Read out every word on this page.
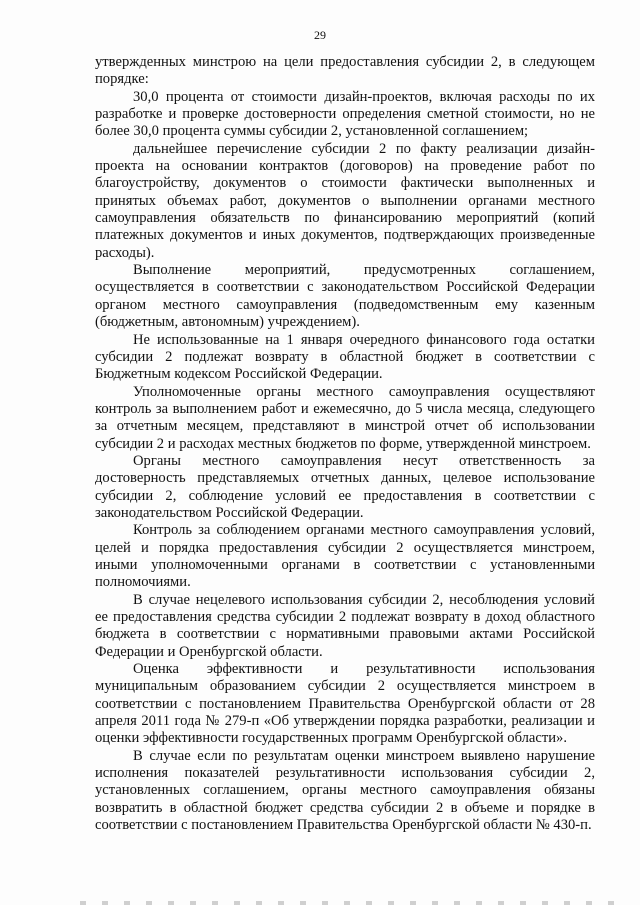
29

утвержденных минстрою на цели предоставления субсидии 2, в следующем порядке:

30,0 процента от стоимости дизайн-проектов, включая расходы по их разработке и проверке достоверности определения сметной стоимости, но не более 30,0 процента суммы субсидии 2, установленной соглашением;

дальнейшее перечисление субсидии 2 по факту реализации дизайн-проекта на основании контрактов (договоров) на проведение работ по благоустройству, документов о стоимости фактически выполненных и принятых объемах работ, документов о выполнении органами местного самоуправления обязательств по финансированию мероприятий (копий платежных документов и иных документов, подтверждающих произведенные расходы).

Выполнение мероприятий, предусмотренных соглашением, осуществляется в соответствии с законодательством Российской Федерации органом местного самоуправления (подведомственным ему казенным (бюджетным, автономным) учреждением).

Не использованные на 1 января очередного финансового года остатки субсидии 2 подлежат возврату в областной бюджет в соответствии с Бюджетным кодексом Российской Федерации.

Уполномоченные органы местного самоуправления осуществляют контроль за выполнением работ и ежемесячно, до 5 числа месяца, следующего за отчетным месяцем, представляют в минстрой отчет об использовании субсидии 2 и расходах местных бюджетов по форме, утвержденной минстроем.

Органы местного самоуправления несут ответственность за достоверность представляемых отчетных данных, целевое использование субсидии 2, соблюдение условий ее предоставления в соответствии с законодательством Российской Федерации.

Контроль за соблюдением органами местного самоуправления условий, целей и порядка предоставления субсидии 2 осуществляется минстроем, иными уполномоченными органами в соответствии с установленными полномочиями.

В случае нецелевого использования субсидии 2, несоблюдения условий ее предоставления средства субсидии 2 подлежат возврату в доход областного бюджета в соответствии с нормативными правовыми актами Российской Федерации и Оренбургской области.

Оценка эффективности и результативности использования муниципальным образованием субсидии 2 осуществляется минстроем в соответствии с постановлением Правительства Оренбургской области от 28 апреля 2011 года № 279-п «Об утверждении порядка разработки, реализации и оценки эффективности государственных программ Оренбургской области».

В случае если по результатам оценки минстроем выявлено нарушение исполнения показателей результативности использования субсидии 2, установленных соглашением, органы местного самоуправления обязаны возвратить в областной бюджет средства субсидии 2 в объеме и порядке в соответствии с постановлением Правительства Оренбургской области № 430-п.
